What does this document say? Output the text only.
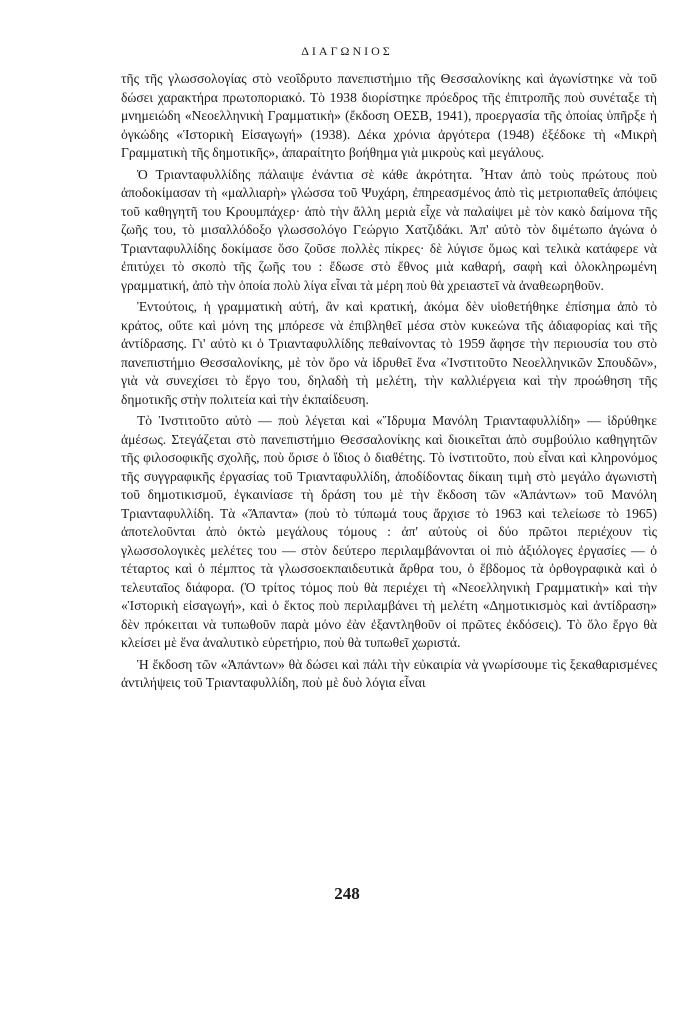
ΔΙΑΓΩΝΙΟΣ

τῆς τῆς γλωσσολογίας στὸ νεοΐδρυτο πανεπιστήμιο τῆς Θεσσαλονίκης καὶ ἀγωνίστηκε νὰ τοῦ δώσει χαρακτήρα πρωτοποριακό. Τὸ 1938 διορίστηκε πρόεδρος τῆς ἐπιτροπῆς ποὺ συνέταξε τὴ μνημειώδη «Νεοελληνικὴ Γραμματικὴ» (ἔκδοση ΟΕΣΒ, 1941), προεργασία τῆς ὁποίας ὑπῆρξε ἡ ὀγκώδης «Ἱστορικὴ Εἰσαγωγή» (1938). Δέκα χρόνια ἀργότερα (1948) ἐξέδοκε τὴ «Μικρὴ Γραμματικὴ τῆς δημοτικῆς», ἀπαραίτητο βοήθημα γιὰ μικροὺς καὶ μεγάλους.

Ὁ Τριανταφυλλίδης πάλαιψε ἐνάντια σὲ κάθε ἀκρότητα. Ἦταν ἀπὸ τοὺς πρώτους ποὺ ἀποδοκίμασαν τὴ «μαλλιαρὴ» γλώσσα τοῦ Ψυχάρη, ἐπηρεασμένος ἀπὸ τὶς μετριοπαθεῖς ἀπόψεις τοῦ καθηγητῆ του Κρουμπάχερ· ἀπὸ τὴν ἄλλη μεριὰ εἶχε νὰ παλαίψει μὲ τὸν κακὸ δαίμονα τῆς ζωῆς του, τὸ μισαλλόδοξο γλωσσολόγο Γεώργιο Χατζιδάκι. Ἀπ' αὐτὸ τὸν διμέτωπο ἀγώνα ὁ Τριανταφυλλίδης δοκίμασε ὅσο ζοῦσε πολλὲς πίκρες· δὲ λύγισε ὅμως καὶ τελικὰ κατάφερε νὰ ἐπιτύχει τὸ σκοπὸ τῆς ζωῆς του : ἔδωσε στὸ ἔθνος μιὰ καθαρή, σαφὴ καὶ ὁλοκληρωμένη γραμματική, ἀπὸ τὴν ὁποία πολὺ λίγα εἶναι τὰ μέρη ποὺ θὰ χρειαστεῖ νὰ ἀναθεωρηθοῦν.

Ἐντούτοις, ἡ γραμματικὴ αὐτή, ἂν καὶ κρατική, ἀκόμα δὲν υἱοθετήθηκε ἐπίσημα ἀπὸ τὸ κράτος, οὔτε καὶ μόνη της μπόρεσε νὰ ἐπιβληθεῖ μέσα στὸν κυκεώνα τῆς ἀδιαφορίας καὶ τῆς ἀντίδρασης. Γι' αὐτὸ κι ὁ Τριανταφυλλίδης πεθαίνοντας τὸ 1959 ἄφησε τὴν περιουσία του στὸ πανεπιστήμιο Θεσσαλονίκης, μὲ τὸν ὅρο νὰ ἱδρυθεῖ ἕνα «Ἰνστιτοῦτο Νεοελληνικῶν Σπουδῶν», γιὰ νὰ συνεχίσει τὸ ἔργο του, δηλαδὴ τὴ μελέτη, τὴν καλλιέργεια καὶ τὴν προώθηση τῆς δημοτικῆς στὴν πολιτεία καὶ τὴν ἐκπαίδευση.

Τὸ Ἰνστιτοῦτο αὐτὸ — ποὺ λέγεται καὶ «Ἵδρυμα Μανόλη Τριανταφυλλίδη» — ἱδρύθηκε ἀμέσως. Στεγάζεται στὸ πανεπιστήμιο Θεσσαλονίκης καὶ διοικεῖται ἀπὸ συμβούλιο καθηγητῶν τῆς φιλοσοφικῆς σχολῆς, ποὺ ὅρισε ὁ ἴδιος ὁ διαθέτης. Τὸ ἰνστιτοῦτο, ποὺ εἶναι καὶ κληρονόμος τῆς συγγραφικῆς ἐργασίας τοῦ Τριανταφυλλίδη, ἀποδίδοντας δίκαιη τιμὴ στὸ μεγάλο ἀγωνιστὴ τοῦ δημοτικισμοῦ, ἐγκαινίασε τὴ δράση του μὲ τὴν ἔκδοση τῶν «Ἁπάντων» τοῦ Μανόλη Τριανταφυλλίδη. Τὰ «Ἅπαντα» (ποὺ τὸ τύπωμά τους ἄρχισε τὸ 1963 καὶ τελείωσε τὸ 1965) ἀποτελοῦνται ἀπὸ ὀκτὼ μεγάλους τόμους : ἀπ' αὐτοὺς οἱ δύο πρῶτοι περιέχουν τὶς γλωσσολογικὲς μελέτες του — στὸν δεύτερο περιλαμβάνονται οἱ πιὸ ἀξιόλογες ἐργασίες — ὁ τέταρτος καὶ ὁ πέμπτος τὰ γλωσσοεκπαιδευτικὰ ἄρθρα του, ὁ ἕβδομος τὰ ὀρθογραφικὰ καὶ ὁ τελευταῖος διάφορα. (Ὁ τρίτος τόμος ποὺ θὰ περιέχει τὴ «Νεοελληνικὴ Γραμματικὴ» καὶ τὴν «Ἱστορικὴ εἰσαγωγή», καὶ ὁ ἕκτος ποὺ περιλαμβάνει τὴ μελέτη «Δημοτικισμὸς καὶ ἀντίδραση» δὲν πρόκειται νὰ τυπωθοῦν παρὰ μόνο ἐὰν ἐξαντληθοῦν οἱ πρῶτες ἐκδόσεις). Τὸ ὅλο ἔργο θὰ κλείσει μὲ ἕνα ἀναλυτικὸ εὑρετήριο, ποὺ θὰ τυπωθεῖ χωριστά.

Ἡ ἔκδοση τῶν «Ἁπάντων» θὰ δώσει καὶ πάλι τὴν εὐκαιρία νὰ γνωρίσουμε τὶς ξεκαθαρισμένες ἀντιλήψεις τοῦ Τριανταφυλλίδη, ποὺ μὲ δυὸ λόγια εἶναι

248
